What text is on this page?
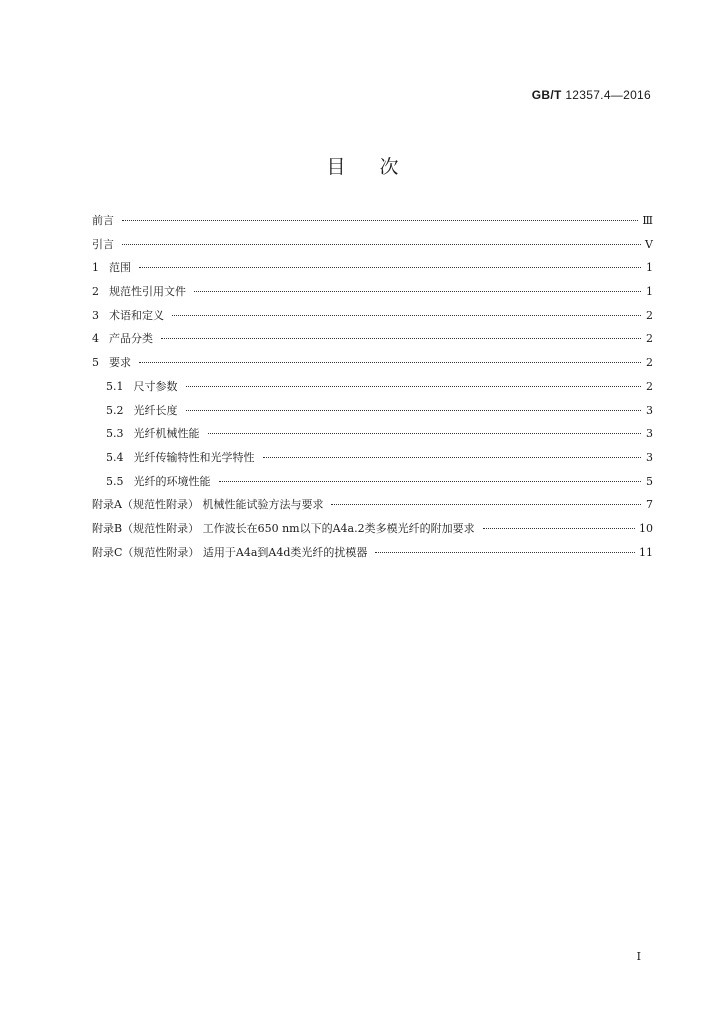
GB/T 12357.4—2016
目次
前言	Ⅲ
引言	Ⅴ
1 范围	1
2 规范性引用文件	1
3 术语和定义	2
4 产品分类	2
5 要求	2
5.1 尺寸参数	2
5.2 光纤长度	3
5.3 光纤机械性能	3
5.4 光纤传输特性和光学特性	3
5.5 光纤的环境性能	5
附录A（规范性附录） 机械性能试验方法与要求	7
附录B（规范性附录） 工作波长在650 nm以下的A4a.2类多模光纤的附加要求	10
附录C（规范性附录） 适用于A4a到A4d类光纤的扰模器	11
I
